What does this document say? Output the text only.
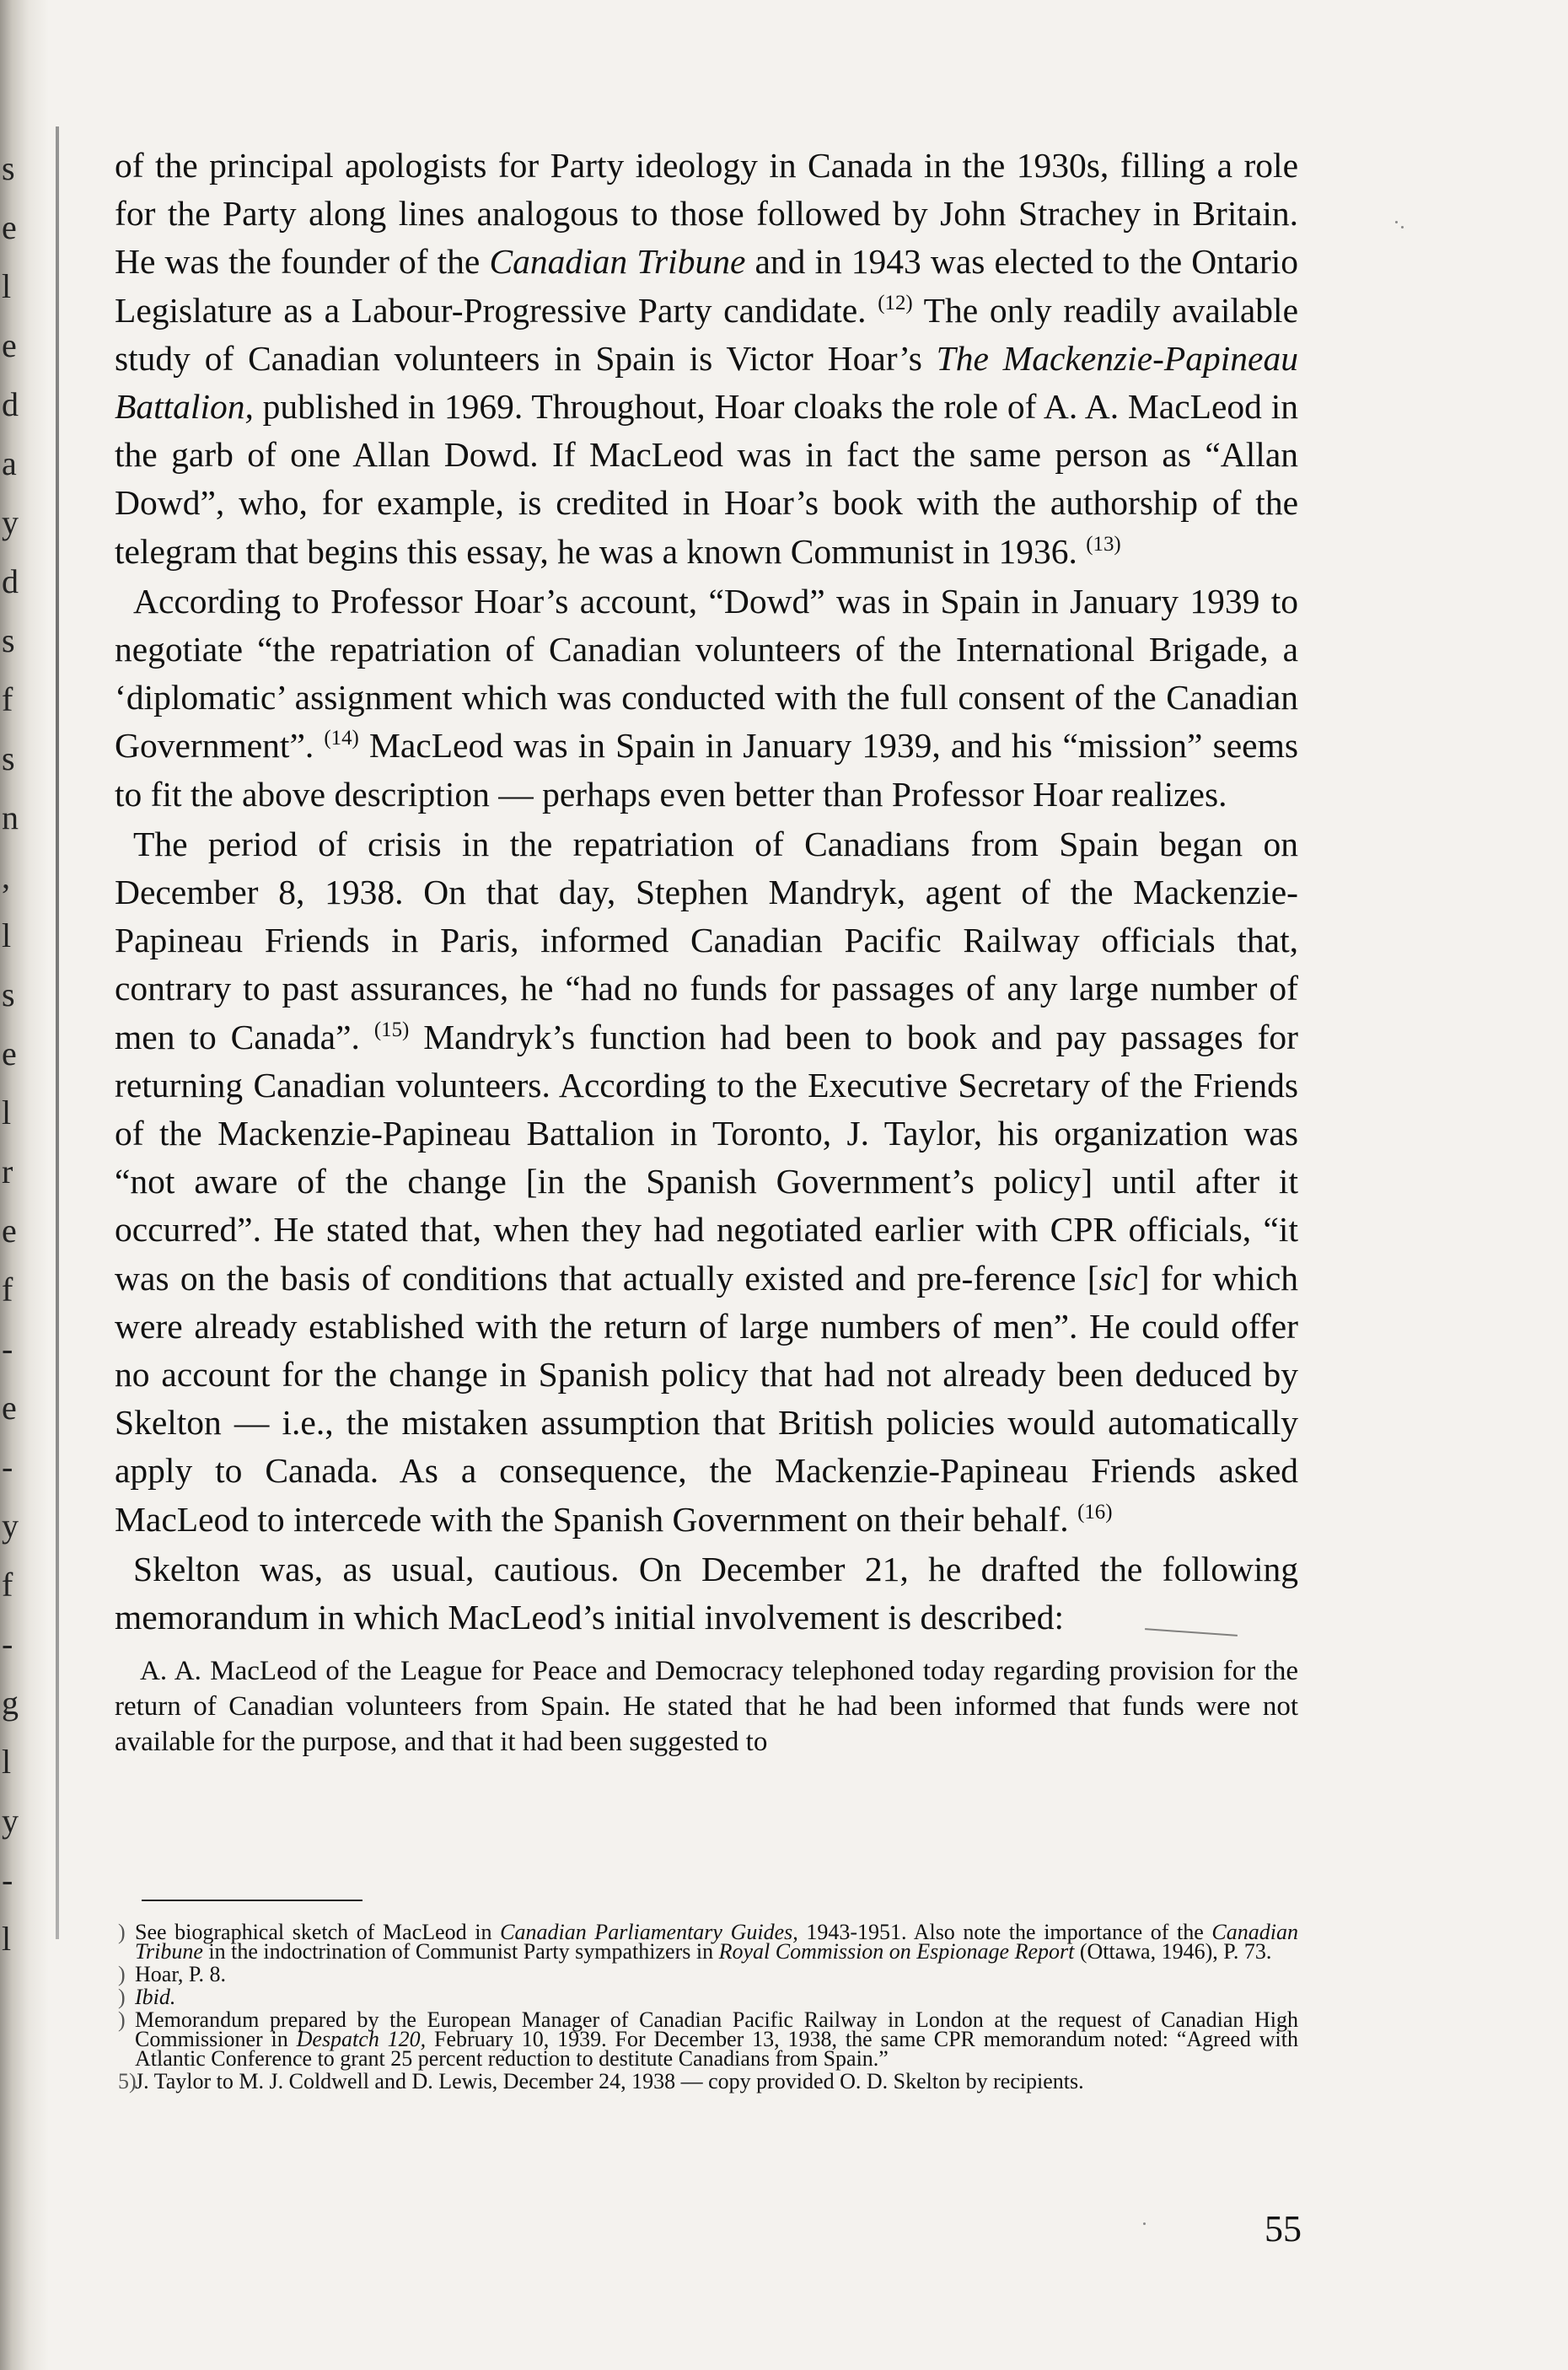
s
e
l
e
d
a
y
d
s
f
s
n
,
l
s
e
l
r
e
f
-
e
-
y
f
-
g
l
y
-
l

of the principal apologists for Party ideology in Canada in the 1930s, filling a role for the Party along lines analogous to those followed by John Strachey in Britain. He was the founder of the Canadian Tribune and in 1943 was elected to the Ontario Legislature as a Labour-Progressive Party candidate. $^{(12)}$ The only readily available study of Canadian volunteers in Spain is Victor Hoar’s The Mackenzie-Papineau Battalion, published in 1969. Throughout, Hoar cloaks the role of A. A. MacLeod in the garb of one Allan Dowd. If MacLeod was in fact the same person as “Allan Dowd”, who, for example, is credited in Hoar’s book with the authorship of the telegram that begins this essay, he was a known Communist in 1936. $^{(13)}$

According to Professor Hoar’s account, “Dowd” was in Spain in January 1939 to negotiate “the repatriation of Canadian volunteers of the International Brigade, a ‘diplomatic’ assignment which was conducted with the full consent of the Canadian Government”. $^{(14)}$ MacLeod was in Spain in January 1939, and his “mission” seems to fit the above description — perhaps even better than Professor Hoar realizes.

The period of crisis in the repatriation of Canadians from Spain began on December 8, 1938. On that day, Stephen Mandryk, agent of the Mackenzie-Papineau Friends in Paris, informed Canadian Pacific Railway officials that, contrary to past assurances, he “had no funds for passages of any large number of men to Canada”. $^{(15)}$ Mandryk’s function had been to book and pay passages for returning Canadian volunteers. According to the Executive Secretary of the Friends of the Mackenzie-Papineau Battalion in Toronto, J. Taylor, his organization was “not aware of the change [in the Spanish Government’s policy] until after it occurred”. He stated that, when they had negotiated earlier with CPR officials, “it was on the basis of conditions that actually existed and pre-ference [sic] for which were already established with the return of large numbers of men”. He could offer no account for the change in Spanish policy that had not already been deduced by Skelton — i.e., the mistaken assumption that British policies would automatically apply to Canada. As a consequence, the Mackenzie-Papineau Friends asked MacLeod to intercede with the Spanish Government on their behalf. $^{(16)}$

Skelton was, as usual, cautious. On December 21, he drafted the following memorandum in which MacLeod’s initial involvement is described:

A. A. MacLeod of the League for Peace and Democracy telephoned today regarding provision for the return of Canadian volunteers from Spain. He stated that he had been informed that funds were not available for the purpose, and that it had been suggested to

) See biographical sketch of MacLeod in Canadian Parliamentary Guides, 1943-1951. Also note the importance of the Canadian Tribune in the indoctrination of Communist Party sympathizers in Royal Commission on Espionage Report (Ottawa, 1946), P. 73.
) Hoar, P. 8.
) Ibid.
) Memorandum prepared by the European Manager of Canadian Pacific Railway in London at the request of Canadian High Commissioner in Despatch 120, February 10, 1939. For December 13, 1938, the same CPR memorandum noted: “Agreed with Atlantic Conference to grant 25 percent reduction to destitute Canadians from Spain.”
5)
J. Taylor to M. J. Coldwell and D. Lewis, December 24, 1938 — copy provided O. D. Skelton by recipients.
55
